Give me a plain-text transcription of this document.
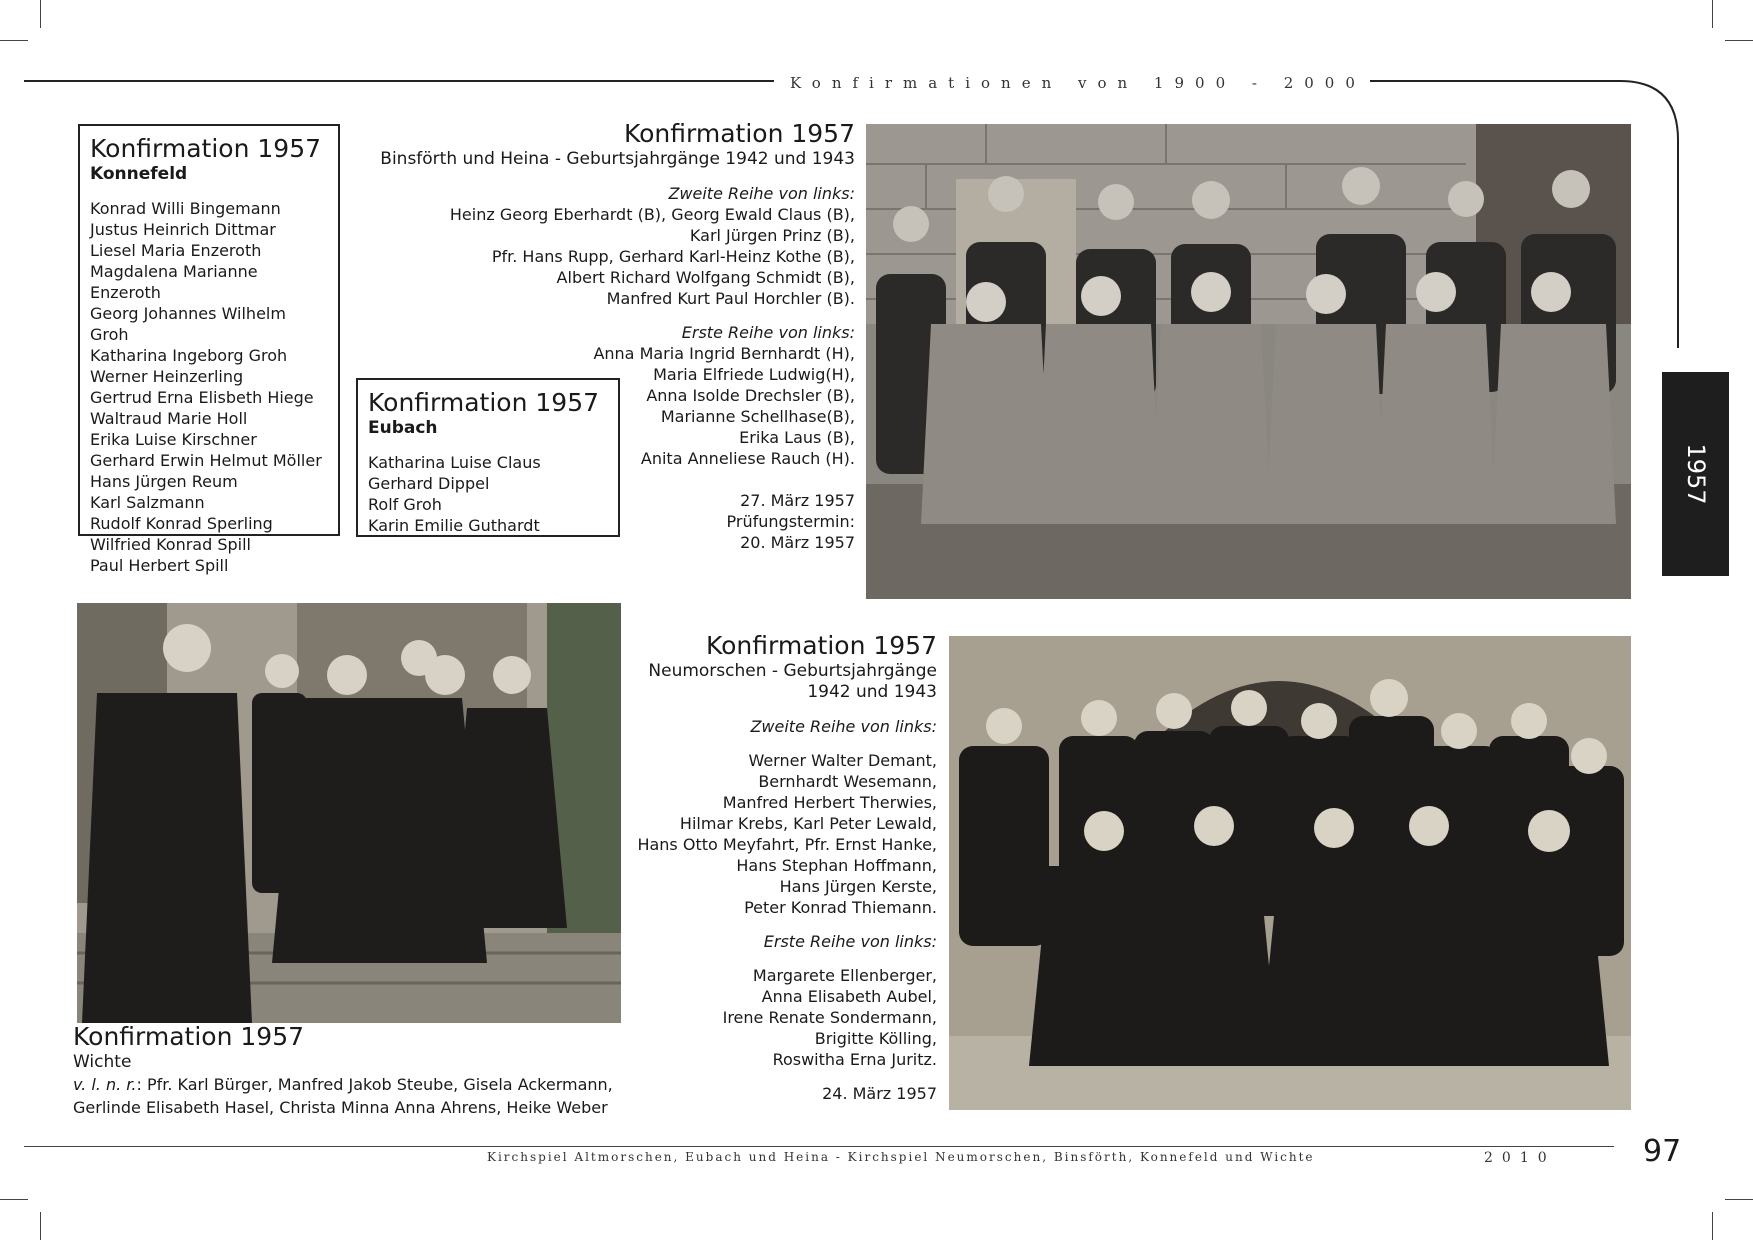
Konfirmationen von 1900 - 2000
Konfirmation 1957
Konnefeld
Konrad Willi Bingemann
Justus Heinrich Dittmar
Liesel Maria Enzeroth
Magdalena Marianne Enzeroth
Georg Johannes Wilhelm Groh
Katharina Ingeborg Groh
Werner Heinzerling
Gertrud Erna Elisbeth Hiege
Waltraud Marie Holl
Erika Luise Kirschner
Gerhard Erwin Helmut Möller
Hans Jürgen Reum
Karl Salzmann
Rudolf Konrad Sperling
Wilfried Konrad Spill
Paul Herbert Spill
Konfirmation 1957
Eubach
Katharina Luise Claus
Gerhard Dippel
Rolf Groh
Karin Emilie Guthardt
Konfirmation 1957
Binsförth und Heina - Geburtsjahrgänge 1942 und 1943
Zweite Reihe von links:
Heinz Georg Eberhardt (B), Georg Ewald Claus (B),
Karl Jürgen Prinz (B),
Pfr. Hans Rupp, Gerhard Karl-Heinz Kothe (B),
Albert Richard Wolfgang Schmidt (B),
Manfred Kurt Paul Horchler (B).
Erste Reihe von links:
Anna Maria Ingrid Bernhardt (H),
Maria Elfriede Ludwig(H),
Anna Isolde Drechsler (B),
Marianne Schellhase(B),
Erika Laus (B),
Anita Anneliese Rauch (H).
27. März 1957
Prüfungstermin:
20. März 1957
Konfirmation 1957
Wichte
v. l. n. r.: Pfr. Karl Bürger, Manfred Jakob Steube, Gisela Ackermann,
Gerlinde Elisabeth Hasel, Christa Minna Anna Ahrens, Heike Weber
Konfirmation 1957
Neumorschen - Geburtsjahrgänge
1942 und 1943
Zweite Reihe von links:
Werner Walter Demant,
Bernhardt Wesemann,
Manfred Herbert Therwies,
Hilmar Krebs, Karl Peter Lewald,
Hans Otto Meyfahrt, Pfr. Ernst Hanke,
Hans Stephan Hoffmann,
Hans Jürgen Kerste,
Peter Konrad Thiemann.
Erste Reihe von links:
Margarete Ellenberger,
Anna Elisabeth Aubel,
Irene Renate Sondermann,
Brigitte Kölling,
Roswitha Erna Juritz.
24. März 1957
1957
Kirchspiel Altmorschen, Eubach und Heina - Kirchspiel Neumorschen, Binsförth, Konnefeld und Wichte	2010	97
